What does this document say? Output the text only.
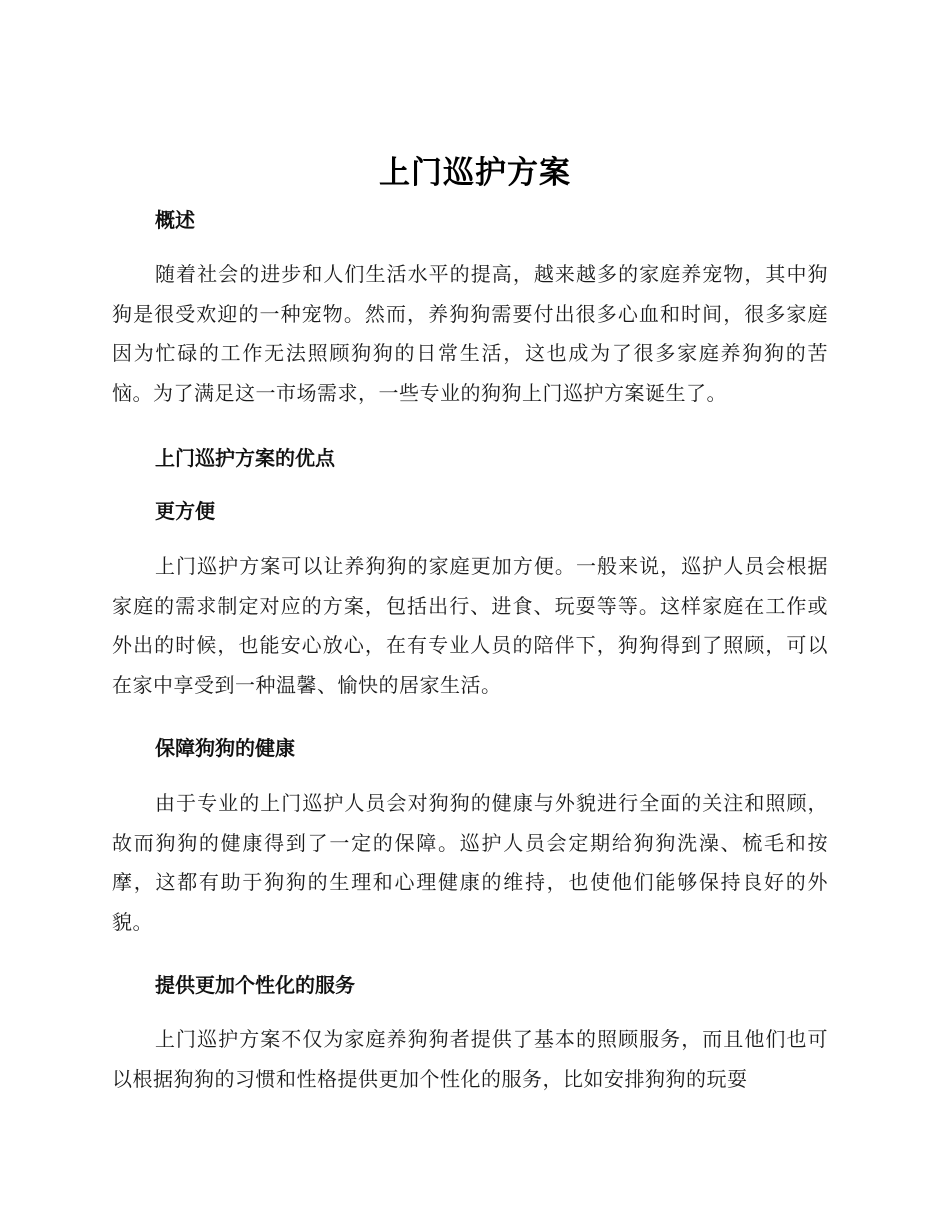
上门巡护方案
概述

随着社会的进步和人们生活水平的提高，越来越多的家庭养宠物，其中狗狗是很受欢迎的一种宠物。然而，养狗狗需要付出很多心血和时间，很多家庭因为忙碌的工作无法照顾狗狗的日常生活，这也成为了很多家庭养狗狗的苦恼。为了满足这一市场需求，一些专业的狗狗上门巡护方案诞生了。

上门巡护方案的优点
更方便

上门巡护方案可以让养狗狗的家庭更加方便。一般来说，巡护人员会根据家庭的需求制定对应的方案，包括出行、进食、玩耍等等。这样家庭在工作或外出的时候，也能安心放心，在有专业人员的陪伴下，狗狗得到了照顾，可以在家中享受到一种温馨、愉快的居家生活。

保障狗狗的健康

由于专业的上门巡护人员会对狗狗的健康与外貌进行全面的关注和照顾，故而狗狗的健康得到了一定的保障。巡护人员会定期给狗狗洗澡、梳毛和按摩，这都有助于狗狗的生理和心理健康的维持，也使他们能够保持良好的外貌。

提供更加个性化的服务

上门巡护方案不仅为家庭养狗狗者提供了基本的照顾服务，而且他们也可以根据狗狗的习惯和性格提供更加个性化的服务，比如安排狗狗的玩耍
